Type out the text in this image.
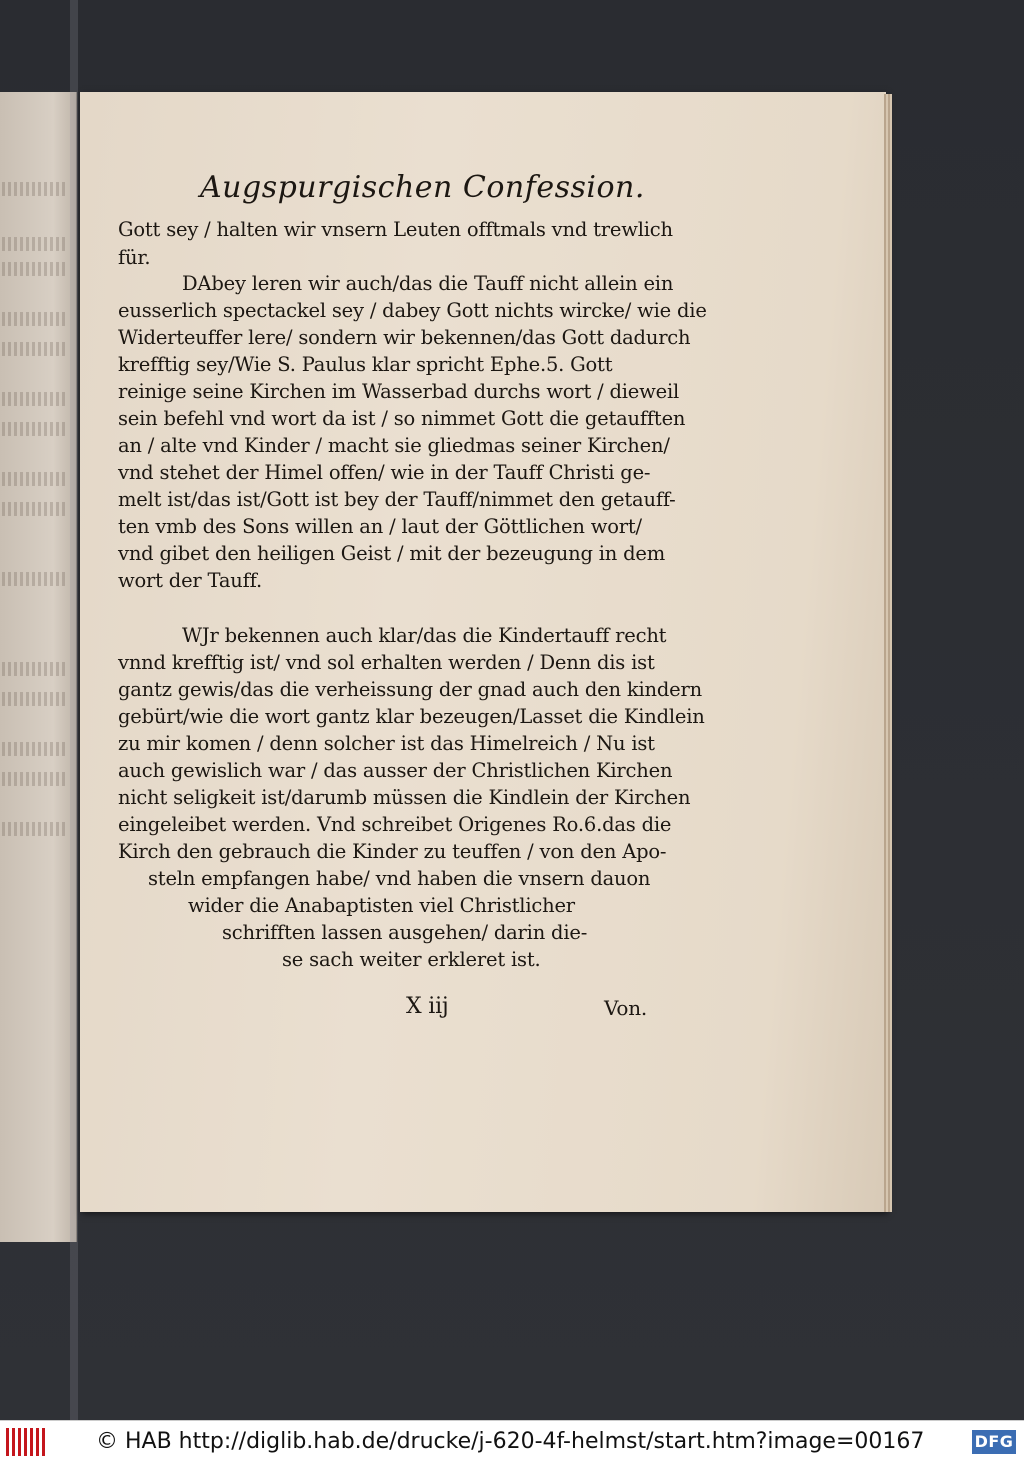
Augspurgischen Confession.
Gott sey / halten wir vnsern Leuten offtmals vnd trewlich
für.
DAbey leren wir auch/das die Tauff nicht allein ein
eusserlich spectackel sey / dabey Gott nichts wircke/ wie die
Widerteuffer lere/ sondern wir bekennen/das Gott dadurch
krefftig sey/Wie S. Paulus klar spricht Ephe.5. Gott
reinige seine Kirchen im Wasserbad durchs wort / dieweil
sein befehl vnd wort da ist / so nimmet Gott die getaufften
an / alte vnd Kinder / macht sie gliedmas seiner Kirchen/
vnd stehet der Himel offen/ wie in der Tauff Christi ge-
melt ist/das ist/Gott ist bey der Tauff/nimmet den getauff-
ten vmb des Sons willen an / laut der Göttlichen wort/
vnd gibet den heiligen Geist / mit der bezeugung in dem
wort der Tauff.
WJr bekennen auch klar/das die Kindertauff recht
vnnd krefftig ist/ vnd sol erhalten werden / Denn dis ist
gantz gewis/das die verheissung der gnad auch den kindern
gebürt/wie die wort gantz klar bezeugen/Lasset die Kindlein
zu mir komen / denn solcher ist das Himelreich / Nu ist
auch gewislich war / das ausser der Christlichen Kirchen
nicht seligkeit ist/darumb müssen die Kindlein der Kirchen
eingeleibet werden. Vnd schreibet Origenes Ro.6.das die
Kirch den gebrauch die Kinder zu teuffen / von den Apo-
steln empfangen habe/ vnd haben die vnsern dauon
wider die Anabaptisten viel Christlicher
schrifften lassen ausgehen/ darin die-
se sach weiter erkleret ist.
X iij	Von.
© HAB http://diglib.hab.de/drucke/j-620-4f-helmst/start.htm?image=00167	DFG
